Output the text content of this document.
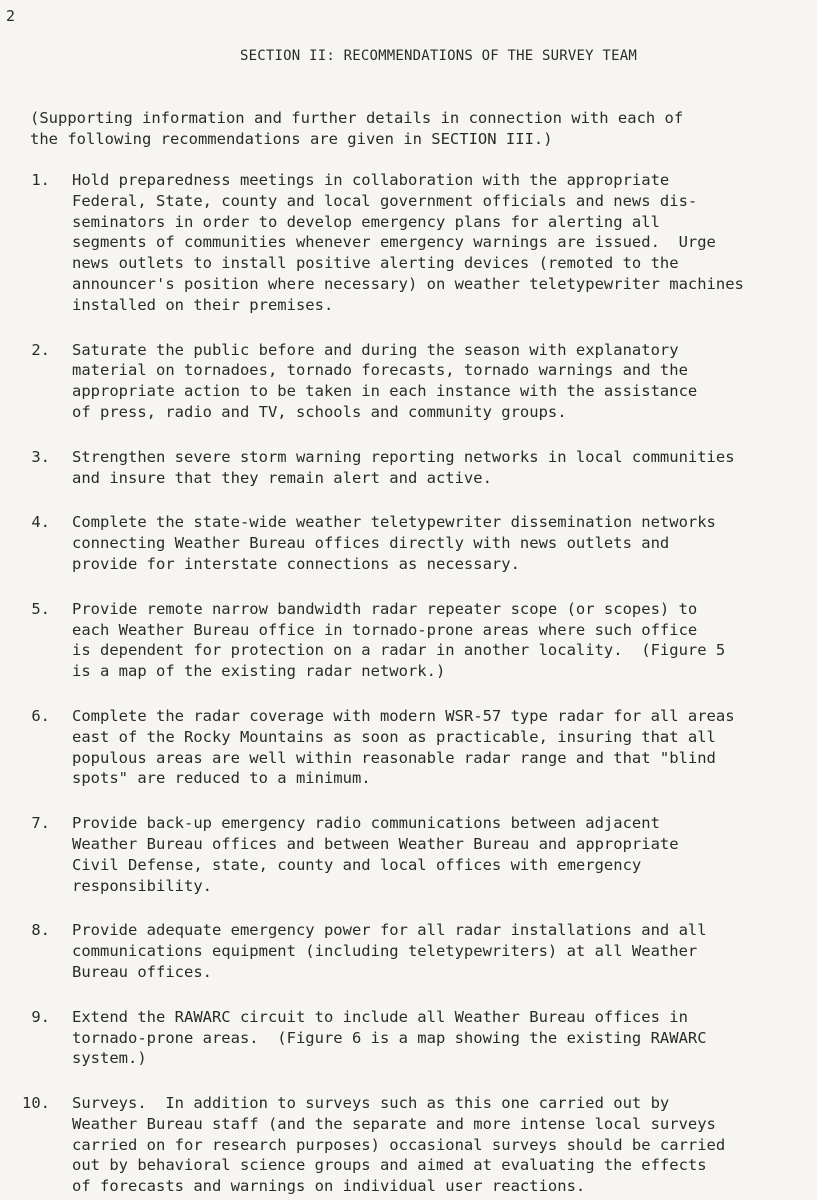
2
SECTION II: RECOMMENDATIONS OF THE SURVEY TEAM
(Supporting information and further details in connection with each of
the following recommendations are given in SECTION III.)
1. Hold preparedness meetings in collaboration with the appropriate
Federal, State, county and local government officials and news dis-
seminators in order to develop emergency plans for alerting all
segments of communities whenever emergency warnings are issued.  Urge
news outlets to install positive alerting devices (remoted to the
announcer's position where necessary) on weather teletypewriter machines
installed on their premises.
2. Saturate the public before and during the season with explanatory
material on tornadoes, tornado forecasts, tornado warnings and the
appropriate action to be taken in each instance with the assistance
of press, radio and TV, schools and community groups.
3. Strengthen severe storm warning reporting networks in local communities
and insure that they remain alert and active.
4. Complete the state-wide weather teletypewriter dissemination networks
connecting Weather Bureau offices directly with news outlets and
provide for interstate connections as necessary.
5. Provide remote narrow bandwidth radar repeater scope (or scopes) to
each Weather Bureau office in tornado-prone areas where such office
is dependent for protection on a radar in another locality.  (Figure 5
is a map of the existing radar network.)
6. Complete the radar coverage with modern WSR-57 type radar for all areas
east of the Rocky Mountains as soon as practicable, insuring that all
populous areas are well within reasonable radar range and that "blind
spots" are reduced to a minimum.
7. Provide back-up emergency radio communications between adjacent
Weather Bureau offices and between Weather Bureau and appropriate
Civil Defense, state, county and local offices with emergency
responsibility.
8. Provide adequate emergency power for all radar installations and all
communications equipment (including teletypewriters) at all Weather
Bureau offices.
9. Extend the RAWARC circuit to include all Weather Bureau offices in
tornado-prone areas.  (Figure 6 is a map showing the existing RAWARC
system.)
10. Surveys.  In addition to surveys such as this one carried out by
Weather Bureau staff (and the separate and more intense local surveys
carried on for research purposes) occasional surveys should be carried
out by behavioral science groups and aimed at evaluating the effects
of forecasts and warnings on individual user reactions.
